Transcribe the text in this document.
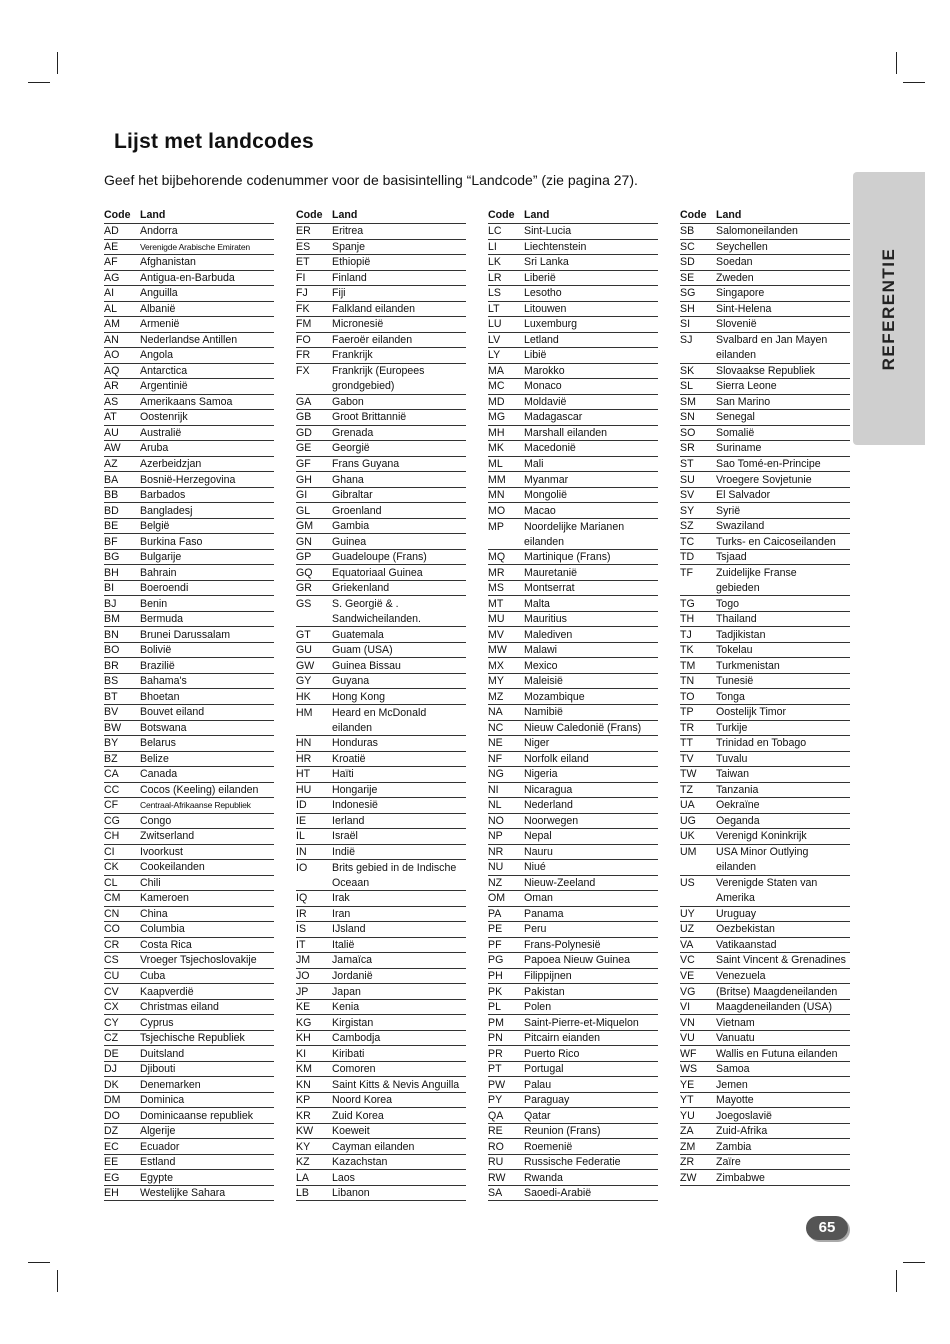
Lijst met landcodes
Geef het bijbehorende codenummer voor de basisintelling “Landcode” (zie pagina 27).
REFERENTIE
Code Land
AD	Andorra
AE	Verenigde Arabische Emiraten
AF	Afghanistan
AG	Antigua-en-Barbuda
AI	Anguilla
AL	Albanië
AM	Armenië
AN	Nederlandse Antillen
AO	Angola
AQ	Antarctica
AR	Argentinië
AS	Amerikaans Samoa
AT	Oostenrijk
AU	Australië
AW	Aruba
AZ	Azerbeidzjan
BA	Bosnië-Herzegovina
BB	Barbados
BD	Bangladesj
BE	België
BF	Burkina Faso
BG	Bulgarije
BH	Bahrain
BI	Boeroendi
BJ	Benin
BM	Bermuda
BN	Brunei Darussalam
BO	Bolivië
BR	Brazilië
BS	Bahama's
BT	Bhoetan
BV	Bouvet eiland
BW	Botswana
BY	Belarus
BZ	Belize
CA	Canada
CC	Cocos (Keeling) eilanden
CF	Centraal-Afrikaanse Republiek
CG	Congo
CH	Zwitserland
CI	Ivoorkust
CK	Cookeilanden
CL	Chili
CM	Kameroen
CN	China
CO	Columbia
CR	Costa Rica
CS	Vroeger Tsjechoslovakije
CU	Cuba
CV	Kaapverdië
CX	Christmas eiland
CY	Cyprus
CZ	Tsjechische Republiek
DE	Duitsland
DJ	Djibouti
DK	Denemarken
DM	Dominica
DO	Dominicaanse republiek
DZ	Algerije
EC	Ecuador
EE	Estland
EG	Egypte
EH	Westelijke Sahara
Code Land
ER	Eritrea
ES	Spanje
ET	Ethiopië
FI	Finland
FJ	Fiji
FK	Falkland eilanden
FM	Micronesië
FO	Faeroër eilanden
FR	Frankrijk
FX	Frankrijk (Europees
grondgebied)
GA	Gabon
GB	Groot Brittannië
GD	Grenada
GE	Georgië
GF	Frans Guyana
GH	Ghana
GI	Gibraltar
GL	Groenland
GM	Gambia
GN	Guinea
GP	Guadeloupe (Frans)
GQ	Equatoriaal Guinea
GR	Griekenland
GS	S. Georgië & .
Sandwicheilanden.
GT	Guatemala
GU	Guam (USA)
GW	Guinea Bissau
GY	Guyana
HK	Hong Kong
HM	Heard en McDonald
eilanden
HN	Honduras
HR	Kroatië
HT	Haïti
HU	Hongarije
ID	Indonesië
IE	Ierland
IL	Israël
IN	Indië
IO	Brits gebied in de Indische
Oceaan
IQ	Irak
IR	Iran
IS	IJsland
IT	Italië
JM	Jamaïca
JO	Jordanië
JP	Japan
KE	Kenia
KG	Kirgistan
KH	Cambodja
KI	Kiribati
KM	Comoren
KN	Saint Kitts & Nevis Anguilla
KP	Noord Korea
KR	Zuid Korea
KW	Koeweit
KY	Cayman eilanden
KZ	Kazachstan
LA	Laos
LB	Libanon
Code Land
LC	Sint-Lucia
LI	Liechtenstein
LK	Sri Lanka
LR	Liberië
LS	Lesotho
LT	Litouwen
LU	Luxemburg
LV	Letland
LY	Libië
MA	Marokko
MC	Monaco
MD	Moldavië
MG	Madagascar
MH	Marshall eilanden
MK	Macedonië
ML	Mali
MM	Myanmar
MN	Mongolië
MO	Macao
MP	Noordelijke Marianen
eilanden
MQ	Martinique (Frans)
MR	Mauretanië
MS	Montserrat
MT	Malta
MU	Mauritius
MV	Malediven
MW	Malawi
MX	Mexico
MY	Maleisië
MZ	Mozambique
NA	Namibië
NC	Nieuw Caledonië (Frans)
NE	Niger
NF	Norfolk eiland
NG	Nigeria
NI	Nicaragua
NL	Nederland
NO	Noorwegen
NP	Nepal
NR	Nauru
NU	Niué
NZ	Nieuw-Zeeland
OM	Oman
PA	Panama
PE	Peru
PF	Frans-Polynesië
PG	Papoea Nieuw Guinea
PH	Filippijnen
PK	Pakistan
PL	Polen
PM	Saint-Pierre-et-Miquelon
PN	Pitcairn eianden
PR	Puerto Rico
PT	Portugal
PW	Palau
PY	Paraguay
QA	Qatar
RE	Reunion (Frans)
RO	Roemenië
RU	Russische Federatie
RW	Rwanda
SA	Saoedi-Arabië
Code Land
SB	Salomoneilanden
SC	Seychellen
SD	Soedan
SE	Zweden
SG	Singapore
SH	Sint-Helena
SI	Slovenië
SJ	Svalbard en Jan Mayen
eilanden
SK	Slovaakse Republiek
SL	Sierra Leone
SM	San Marino
SN	Senegal
SO	Somalië
SR	Suriname
ST	Sao Tomé-en-Principe
SU	Vroegere Sovjetunie
SV	El Salvador
SY	Syrië
SZ	Swaziland
TC	Turks- en Caicoseilanden
TD	Tsjaad
TF	Zuidelijke Franse
gebieden
TG	Togo
TH	Thailand
TJ	Tadjikistan
TK	Tokelau
TM	Turkmenistan
TN	Tunesië
TO	Tonga
TP	Oostelijk Timor
TR	Turkije
TT	Trinidad en Tobago
TV	Tuvalu
TW	Taiwan
TZ	Tanzania
UA	Oekraïne
UG	Oeganda
UK	Verenigd Koninkrijk
UM	USA Minor Outlying
eilanden
US	Verenigde Staten van
Amerika
UY	Uruguay
UZ	Oezbekistan
VA	Vatikaanstad
VC	Saint Vincent & Grenadines
VE	Venezuela
VG	(Britse) Maagdeneilanden
VI	Maagdeneilanden (USA)
VN	Vietnam
VU	Vanuatu
WF	Wallis en Futuna eilanden
WS	Samoa
YE	Jemen
YT	Mayotte
YU	Joegoslavië
ZA	Zuid-Afrika
ZM	Zambia
ZR	Zaïre
ZW	Zimbabwe
65
